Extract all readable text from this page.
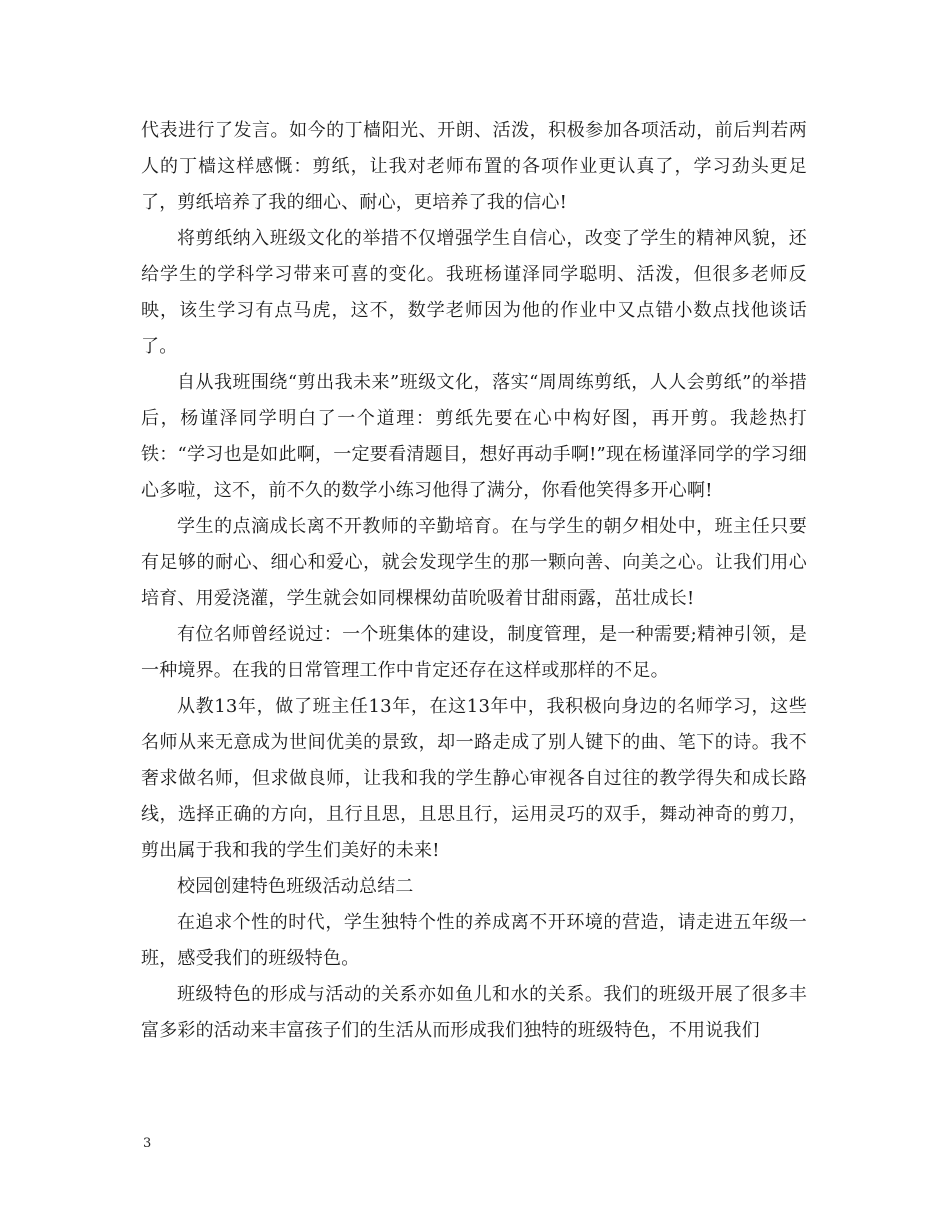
代表进行了发言。如今的丁樯阳光、开朗、活泼，积极参加各项活动，前后判若两人的丁樯这样感慨：剪纸，让我对老师布置的各项作业更认真了，学习劲头更足了，剪纸培养了我的细心、耐心，更培养了我的信心!

将剪纸纳入班级文化的举措不仅增强学生自信心，改变了学生的精神风貌，还给学生的学科学习带来可喜的变化。我班杨谨泽同学聪明、活泼，但很多老师反映，该生学习有点马虎，这不，数学老师因为他的作业中又点错小数点找他谈话了。

自从我班围绕“剪出我未来”班级文化，落实“周周练剪纸，人人会剪纸”的举措后，杨谨泽同学明白了一个道理：剪纸先要在心中构好图，再开剪。我趁热打铁：“学习也是如此啊，一定要看清题目，想好再动手啊!”现在杨谨泽同学的学习细心多啦，这不，前不久的数学小练习他得了满分，你看他笑得多开心啊!

学生的点滴成长离不开教师的辛勤培育。在与学生的朝夕相处中，班主任只要有足够的耐心、细心和爱心，就会发现学生的那一颗向善、向美之心。让我们用心培育、用爱浇灌，学生就会如同棵棵幼苗吮吸着甘甜雨露，茁壮成长!

有位名师曾经说过：一个班集体的建设，制度管理，是一种需要;精神引领，是一种境界。在我的日常管理工作中肯定还存在这样或那样的不足。

从教13年，做了班主任13年，在这13年中，我积极向身边的名师学习，这些名师从来无意成为世间优美的景致，却一路走成了别人键下的曲、笔下的诗。我不奢求做名师，但求做良师，让我和我的学生静心审视各自过往的教学得失和成长路线，选择正确的方向，且行且思，且思且行，运用灵巧的双手，舞动神奇的剪刀，剪出属于我和我的学生们美好的未来!

校园创建特色班级活动总结二

在追求个性的时代，学生独特个性的养成离不开环境的营造，请走进五年级一班，感受我们的班级特色。

班级特色的形成与活动的关系亦如鱼儿和水的关系。我们的班级开展了很多丰富多彩的活动来丰富孩子们的生活从而形成我们独特的班级特色，不用说我们

3
